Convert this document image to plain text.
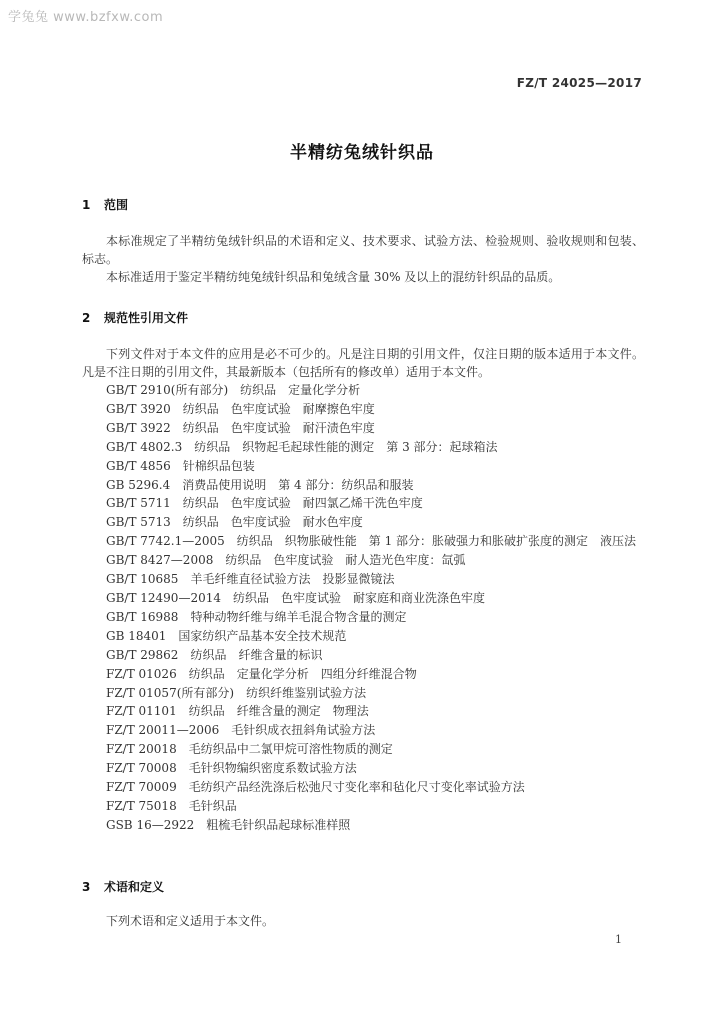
学兔兔 www.bzfxw.com
FZ/T 24025—2017
半精纺兔绒针织品
1 范围
本标准规定了半精纺兔绒针织品的术语和定义、技术要求、试验方法、检验规则、验收规则和包装、标志。
本标准适用于鉴定半精纺纯兔绒针织品和兔绒含量 30% 及以上的混纺针织品的品质。
2 规范性引用文件
下列文件对于本文件的应用是必不可少的。凡是注日期的引用文件，仅注日期的版本适用于本文件。凡是不注日期的引用文件，其最新版本（包括所有的修改单）适用于本文件。
GB/T 2910(所有部分)　纺织品　定量化学分析
GB/T 3920　纺织品　色牢度试验　耐摩擦色牢度
GB/T 3922　纺织品　色牢度试验　耐汗渍色牢度
GB/T 4802.3　纺织品　织物起毛起球性能的测定　第 3 部分：起球箱法
GB/T 4856　针棉织品包装
GB 5296.4　消费品使用说明　第 4 部分：纺织品和服装
GB/T 5711　纺织品　色牢度试验　耐四氯乙烯干洗色牢度
GB/T 5713　纺织品　色牢度试验　耐水色牢度
GB/T 7742.1—2005　纺织品　织物胀破性能　第 1 部分：胀破强力和胀破扩张度的测定　液压法
GB/T 8427—2008　纺织品　色牢度试验　耐人造光色牢度：氙弧
GB/T 10685　羊毛纤维直径试验方法　投影显微镜法
GB/T 12490—2014　纺织品　色牢度试验　耐家庭和商业洗涤色牢度
GB/T 16988　特种动物纤维与绵羊毛混合物含量的测定
GB 18401　国家纺织产品基本安全技术规范
GB/T 29862　纺织品　纤维含量的标识
FZ/T 01026　纺织品　定量化学分析　四组分纤维混合物
FZ/T 01057(所有部分)　纺织纤维鉴别试验方法
FZ/T 01101　纺织品　纤维含量的测定　物理法
FZ/T 20011—2006　毛针织成衣扭斜角试验方法
FZ/T 20018　毛纺织品中二氯甲烷可溶性物质的测定
FZ/T 70008　毛针织物编织密度系数试验方法
FZ/T 70009　毛纺织产品经洗涤后松弛尺寸变化率和毡化尺寸变化率试验方法
FZ/T 75018　毛针织品
GSB 16—2922　粗梳毛针织品起球标准样照
3 术语和定义
下列术语和定义适用于本文件。
1
